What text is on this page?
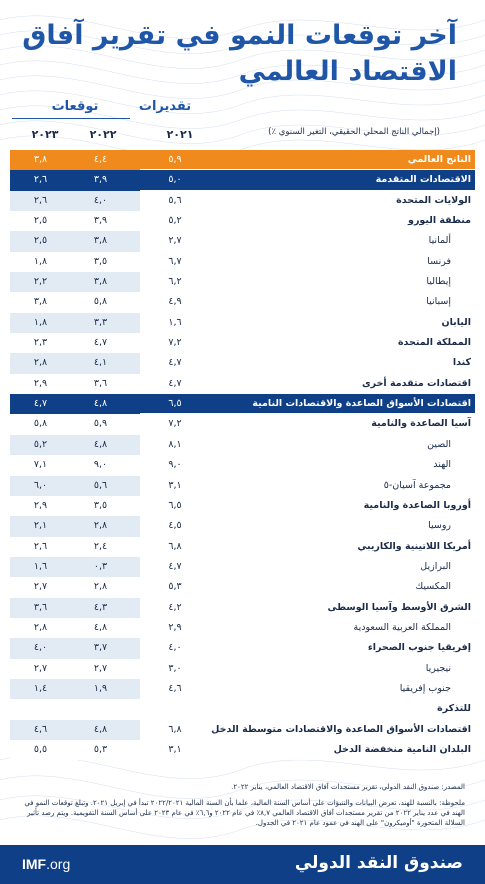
آخر توقعات النمو في تقرير آفاق
الاقتصاد العالمي
تقديرات
توقعات
٢٠٢١
٢٠٢٢
٢٠٢٣	(إجمالي الناتج المحلي الحقيقي، التغير السنوي ٪)
الناتج العالمي
٥,٩
٤,٤
٣,٨
الاقتصادات المتقدمة
٥,٠
٣,٩
٢,٦
الولايات المتحدة
٥,٦
٤,٠
٢,٦
منطقة اليورو
٥,٢
٣,٩
٢,٥
ألمانيا
٢,٧
٣,٨
٢,٥
فرنسا
٦,٧
٣,٥
١,٨
إيطاليا
٦,٢
٣,٨
٢,٢
إسبانيا
٤,٩
٥,٨
٣,٨
اليابان
١,٦
٣,٣
١,٨
المملكة المتحدة
٧,٢
٤,٧
٢,٣
كندا
٤,٧
٤,١
٢,٨
اقتصادات متقدمة أخرى
٤,٧
٣,٦
٢,٩
اقتصادات الأسواق الصاعدة والاقتصادات النامية
٦,٥
٤,٨
٤,٧
آسيا الصاعدة والنامية
٧,٢
٥,٩
٥,٨
الصين
٨,١
٤,٨
٥,٢
الهند
٩,٠
٩,٠
٧,١
مجموعة آسيان-٥
٣,١
٥,٦
٦,٠
أوروبا الصاعدة والنامية
٦,٥
٣,٥
٢,٩
روسيا
٤,٥
٢,٨
٢,١
أمريكا اللاتينية والكاريبي
٦,٨
٢,٤
٢,٦
البرازيل
٤,٧
٠,٣
١,٦
المكسيك
٥,٣
٢,٨
٢,٧
الشرق الأوسط وآسيا الوسطى
٤,٢
٤,٣
٣,٦
المملكة العربية السعودية
٢,٩
٤,٨
٢,٨
إفريقيا جنوب الصحراء
٤,٠
٣,٧
٤,٠
نيجيريا
٣,٠
٢,٧
٢,٧
جنوب إفريقيا
٤,٦
١,٩
١,٤
للتذكرة
اقتصادات الأسواق الصاعدة والاقتصادات متوسطة الدخل
٦,٨
٤,٨
٤,٦
البلدان النامية منخفضة الدخل
٣,١
٥,٣
٥,٥

المصدر: صندوق النقد الدولي، تقرير مستجدات آفاق الاقتصاد العالمي، يناير ٢٠٢٢.

ملحوظة: بالنسبة للهند، تعرض البيانات والتنبؤات على أساس السنة المالية، علما بأن السنة المالية ٢٠٢٢/٢٠٢١ تبدأ في إبريل ٢٠٢١. وتبلغ توقعات النمو في الهند في عدد يناير ٢٠٢٢ من تقرير مستجدات آفاق الاقتصاد العالمي ٨,٧٪ في عام ٢٠٢٢ و٦,٦٪ في عام ٢٠٢٣ على أساس السنة التقويمية. ويتم رصد تأثير السلالة المتحورة "أوميكرون" على الهند في عمود عام ٢٠٢١ في الجدول.

صندوق النقد الدولي
IMF.org
